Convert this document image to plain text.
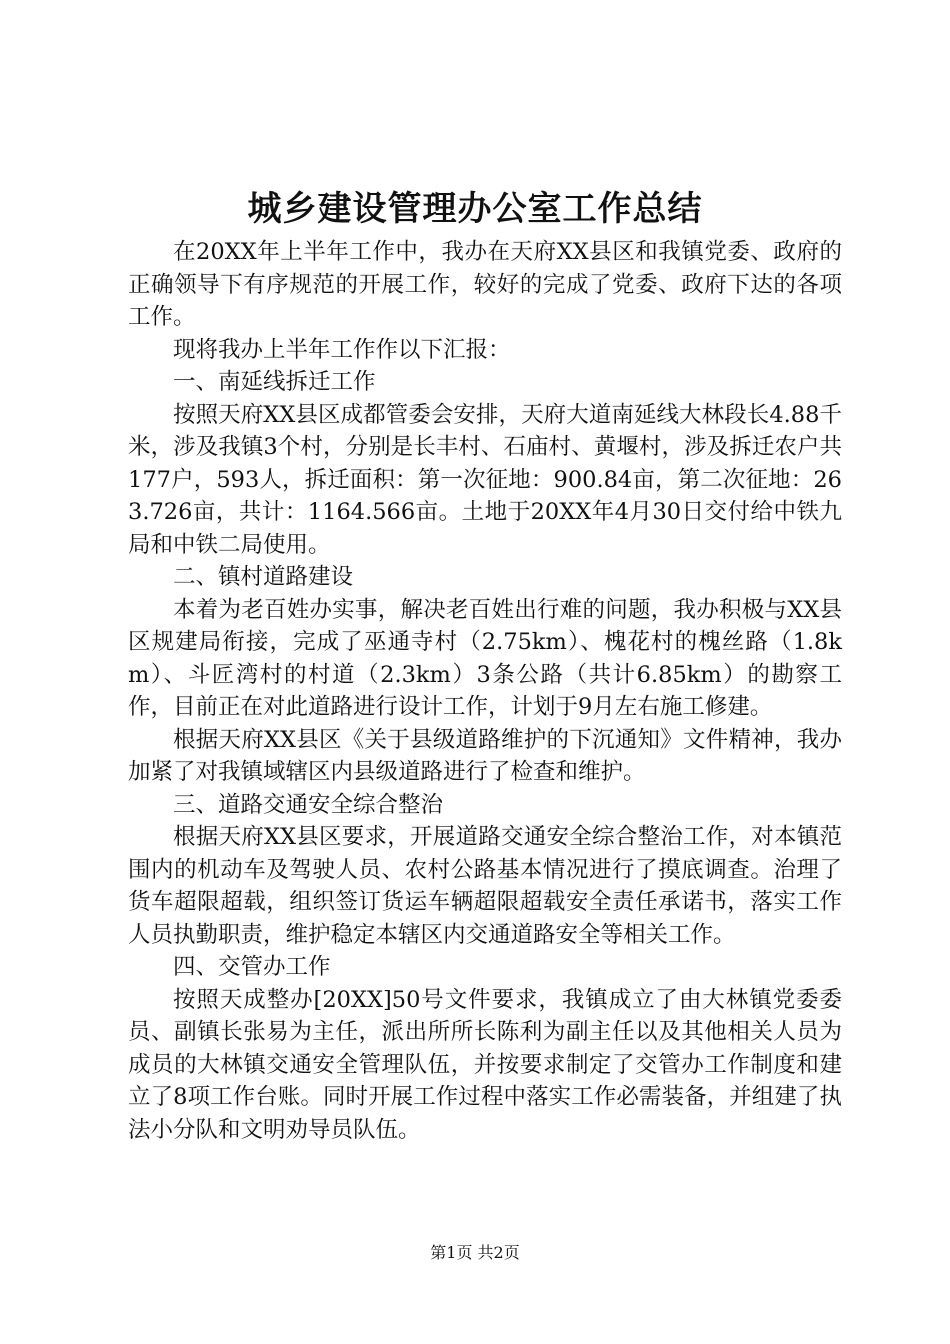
城乡建设管理办公室工作总结

在20XX年上半年工作中，我办在天府XX县区和我镇党委、政府的正确领导下有序规范的开展工作，较好的完成了党委、政府下达的各项工作。

现将我办上半年工作作以下汇报：

一、南延线拆迁工作

按照天府XX县区成都管委会安排，天府大道南延线大林段长4.88千米，涉及我镇3个村，分别是长丰村、石庙村、黄堰村，涉及拆迁农户共177户，593人，拆迁面积：第一次征地：900.84亩，第二次征地：263.726亩，共计：1164.566亩。土地于20XX年4月30日交付给中铁九局和中铁二局使用。

二、镇村道路建设

本着为老百姓办实事，解决老百姓出行难的问题，我办积极与XX县区规建局衔接，完成了巫通寺村（2.75km）、槐花村的槐丝路（1.8km）、斗匠湾村的村道（2.3km）3条公路（共计6.85km）的勘察工作，目前正在对此道路进行设计工作，计划于9月左右施工修建。

根据天府XX县区《关于县级道路维护的下沉通知》文件精神，我办加紧了对我镇域辖区内县级道路进行了检查和维护。

三、道路交通安全综合整治

根据天府XX县区要求，开展道路交通安全综合整治工作，对本镇范围内的机动车及驾驶人员、农村公路基本情况进行了摸底调查。治理了货车超限超载，组织签订货运车辆超限超载安全责任承诺书，落实工作人员执勤职责，维护稳定本辖区内交通道路安全等相关工作。

四、交管办工作

按照天成整办[20XX]50号文件要求，我镇成立了由大林镇党委委员、副镇长张易为主任，派出所所长陈利为副主任以及其他相关人员为成员的大林镇交通安全管理队伍，并按要求制定了交管办工作制度和建立了8项工作台账。同时开展工作过程中落实工作必需装备，并组建了执法小分队和文明劝导员队伍。

第1页 共2页
